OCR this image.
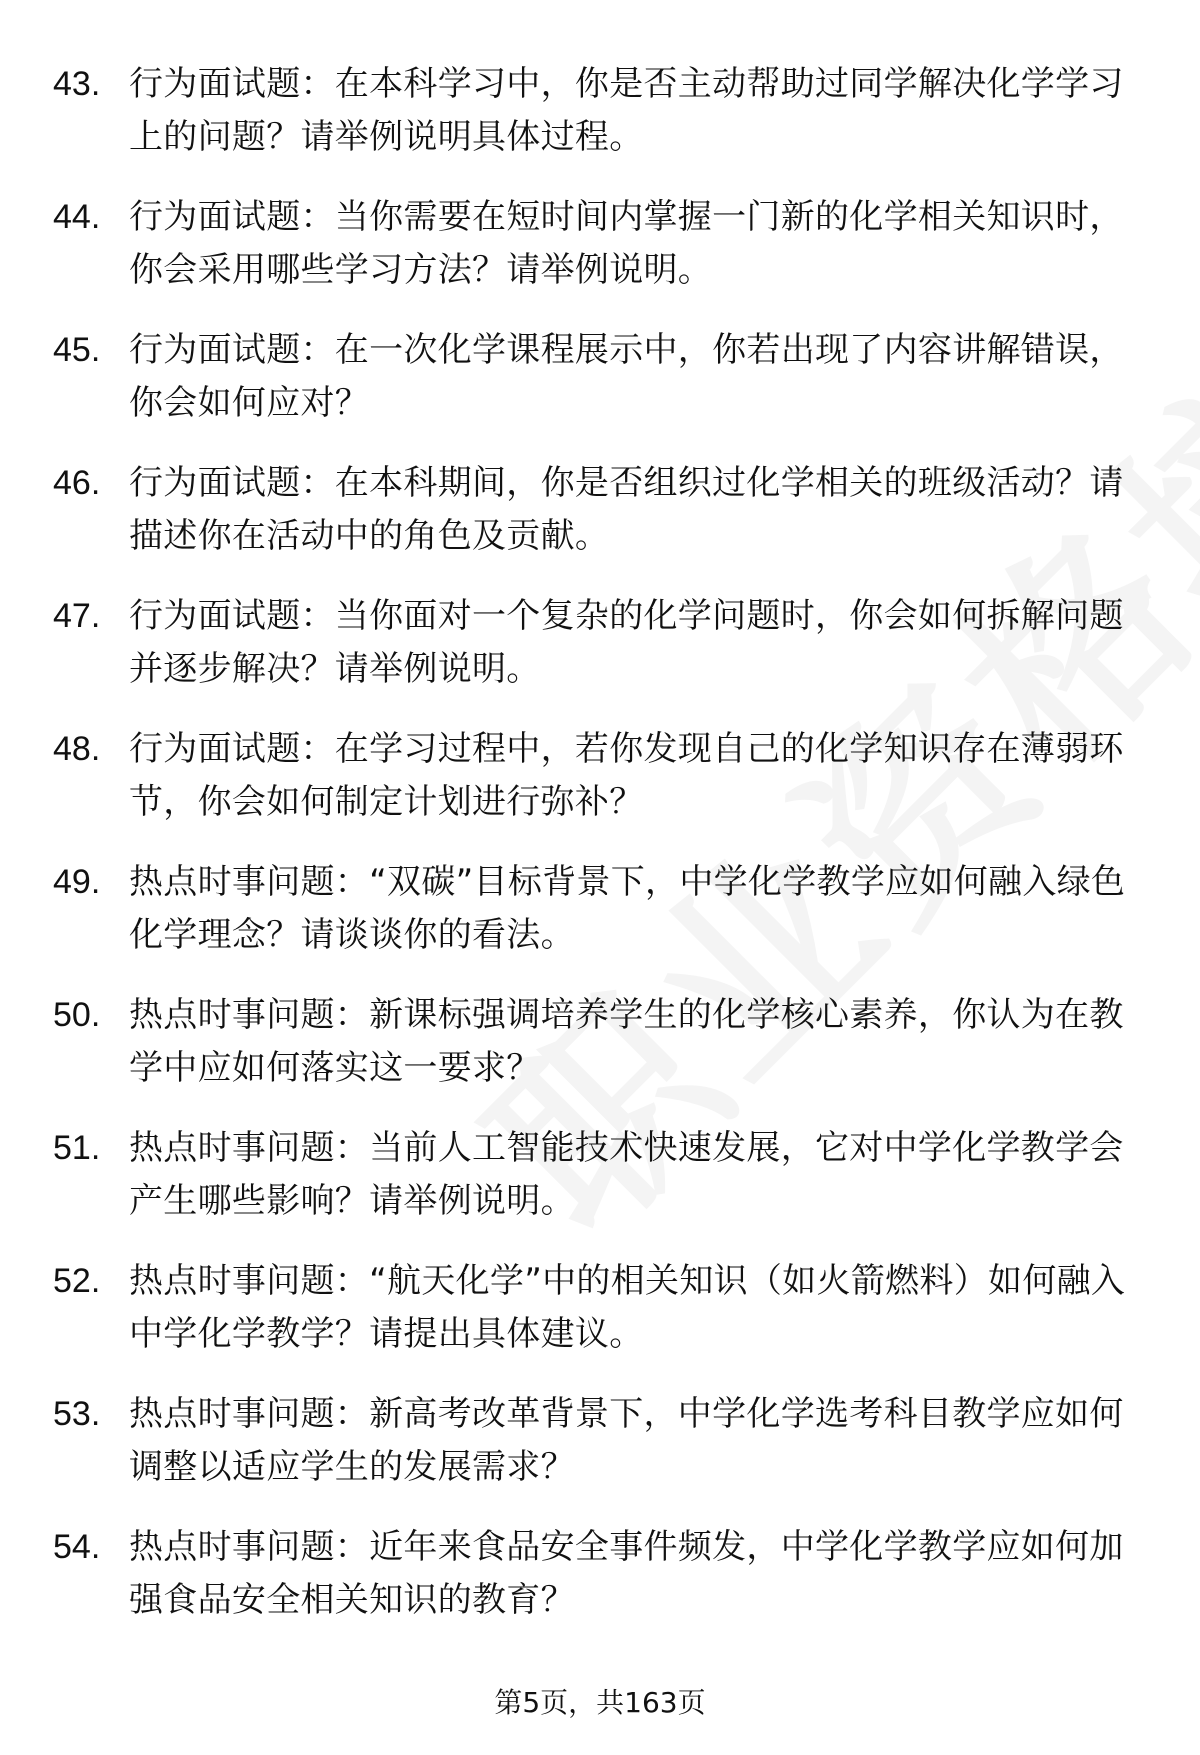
43. 行为面试题：在本科学习中，你是否主动帮助过同学解决化学学习上的问题？请举例说明具体过程。
44. 行为面试题：当你需要在短时间内掌握一门新的化学相关知识时，你会采用哪些学习方法？请举例说明。
45. 行为面试题：在一次化学课程展示中，你若出现了内容讲解错误，你会如何应对？
46. 行为面试题：在本科期间，你是否组织过化学相关的班级活动？请描述你在活动中的角色及贡献。
47. 行为面试题：当你面对一个复杂的化学问题时，你会如何拆解问题并逐步解决？请举例说明。
48. 行为面试题：在学习过程中，若你发现自己的化学知识存在薄弱环节，你会如何制定计划进行弥补？
49. 热点时事问题：“双碳”目标背景下，中学化学教学应如何融入绿色化学理念？请谈谈你的看法。
50. 热点时事问题：新课标强调培养学生的化学核心素养，你认为在教学中应如何落实这一要求？
51. 热点时事问题：当前人工智能技术快速发展，它对中学化学教学会产生哪些影响？请举例说明。
52. 热点时事问题：“航天化学”中的相关知识（如火箭燃料）如何融入中学化学教学？请提出具体建议。
53. 热点时事问题：新高考改革背景下，中学化学选考科目教学应如何调整以适应学生的发展需求？
54. 热点时事问题：近年来食品安全事件频发，中学化学教学应如何加强食品安全相关知识的教育？
第5页，共163页
